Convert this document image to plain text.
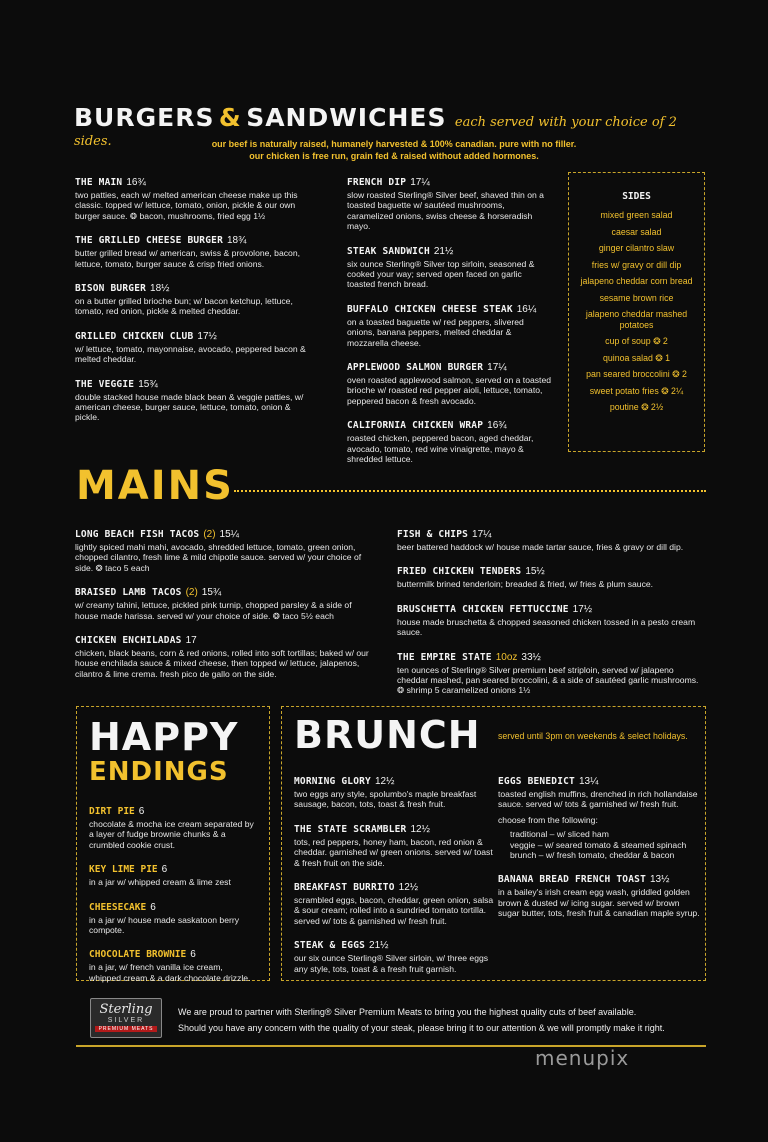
BURGERS & SANDWICHES each served with your choice of 2 sides.	our beef is naturally raised, humanely harvested & 100% canadian. pure with no filler.
our chicken is free run, grain fed & raised without added hormones.
THE MAIN 16¾
two patties, each w/ melted american cheese make up this classic. topped w/ lettuce, tomato, onion, pickle & our own burger sauce. ❂ bacon, mushrooms, fried egg 1½
THE GRILLED CHEESE BURGER 18¾
butter grilled bread w/ american, swiss & provolone, bacon, lettuce, tomato, burger sauce & crisp fried onions.
BISON BURGER 18½
on a butter grilled brioche bun; w/ bacon ketchup, lettuce, tomato, red onion, pickle & melted cheddar.
GRILLED CHICKEN CLUB 17½
w/ lettuce, tomato, mayonnaise, avocado, peppered bacon & melted cheddar.
THE VEGGIE 15¾
double stacked house made black bean & veggie patties, w/ american cheese, burger sauce, lettuce, tomato, onion & pickle.
FRENCH DIP 17¼
slow roasted Sterling® Silver beef, shaved thin on a toasted baguette w/ sautéed mushrooms, caramelized onions, swiss cheese & horseradish mayo.
STEAK SANDWICH 21½
six ounce Sterling® Silver top sirloin, seasoned & cooked your way; served open faced on garlic toasted french bread.
BUFFALO CHICKEN CHEESE STEAK 16¼
on a toasted baguette w/ red peppers, slivered onions, banana peppers, melted cheddar & mozzarella cheese.
APPLEWOOD SALMON BURGER 17¼
oven roasted applewood salmon, served on a toasted brioche w/ roasted red pepper aioli, lettuce, tomato, peppered bacon & fresh avocado.
CALIFORNIA CHICKEN WRAP 16¾
roasted chicken, peppered bacon, aged cheddar, avocado, tomato, red wine vinaigrette, mayo & shredded lettuce.
SIDES
mixed green salad
caesar salad
ginger cilantro slaw
fries w/ gravy or dill dip
jalapeno cheddar corn bread
sesame brown rice
jalapeno cheddar mashed potatoes
cup of soup ❂ 2
quinoa salad ❂ 1
pan seared broccolini ❂ 2
sweet potato fries ❂ 2¼
poutine ❂ 2½
MAINS
LONG BEACH FISH TACOS (2) 15¼
lightly spiced mahi mahi, avocado, shredded lettuce, tomato, green onion, chopped cilantro, fresh lime & mild chipotle sauce. served w/ your choice of side. ❂ taco 5 each
BRAISED LAMB TACOS (2) 15¾
w/ creamy tahini, lettuce, pickled pink turnip, chopped parsley & a side of house made harissa. served w/ your choice of side. ❂ taco 5½ each
CHICKEN ENCHILADAS 17
chicken, black beans, corn & red onions, rolled into soft tortillas; baked w/ our house enchilada sauce & mixed cheese, then topped w/ lettuce, jalapenos, cilantro & lime crema. fresh pico de gallo on the side.
FISH & CHIPS 17¼
beer battered haddock w/ house made tartar sauce, fries & gravy or dill dip.
FRIED CHICKEN TENDERS 15½
buttermilk brined tenderloin; breaded & fried, w/ fries & plum sauce.
BRUSCHETTA CHICKEN FETTUCCINE 17½
house made bruschetta & chopped seasoned chicken tossed in a pesto cream sauce.
THE EMPIRE STATE 10oz 33½
ten ounces of Sterling® Silver premium beef striploin, served w/ jalapeno cheddar mashed, pan seared broccolini, & a side of sautéed garlic mushrooms. ❂ shrimp 5 caramelized onions 1½
HAPPY
ENDINGS
DIRT PIE 6
chocolate & mocha ice cream separated by a layer of fudge brownie chunks & a crumbled cookie crust.
KEY LIME PIE 6
in a jar w/ whipped cream & lime zest
CHEESECAKE 6
in a jar w/ house made saskatoon berry compote.
CHOCOLATE BROWNIE 6
in a jar, w/ french vanilla ice cream, whipped cream & a dark chocolate drizzle.
BRUNCH served until 3pm on weekends & select holidays.
MORNING GLORY 12½
two eggs any style, spolumbo's maple breakfast sausage, bacon, tots, toast & fresh fruit.
THE STATE SCRAMBLER 12½
tots, red peppers, honey ham, bacon, red onion & cheddar. garnished w/ green onions. served w/ toast & fresh fruit on the side.
BREAKFAST BURRITO 12½
scrambled eggs, bacon, cheddar, green onion, salsa & sour cream; rolled into a sundried tomato tortilla. served w/ tots & garnished w/ fresh fruit.
STEAK & EGGS 21½
our six ounce Sterling® Silver sirloin, w/ three eggs any style, tots, toast & a fresh fruit garnish.
EGGS BENEDICT 13¼
toasted english muffins, drenched in rich hollandaise sauce. served w/ tots & garnished w/ fresh fruit.
choose from the following:
traditional – w/ sliced ham
veggie – w/ seared tomato & steamed spinach
brunch – w/ fresh tomato, cheddar & bacon
BANANA BREAD FRENCH TOAST 13½
in a bailey's irish cream egg wash, griddled golden brown & dusted w/ icing sugar. served w/ brown sugar butter, tots, fresh fruit & canadian maple syrup.
Sterling
SILVER
PREMIUM MEATS
We are proud to partner with Sterling® Silver Premium Meats to bring you the highest quality cuts of beef available.
Should you have any concern with the quality of your steak, please bring it to our attention & we will promptly make it right.
menupix
